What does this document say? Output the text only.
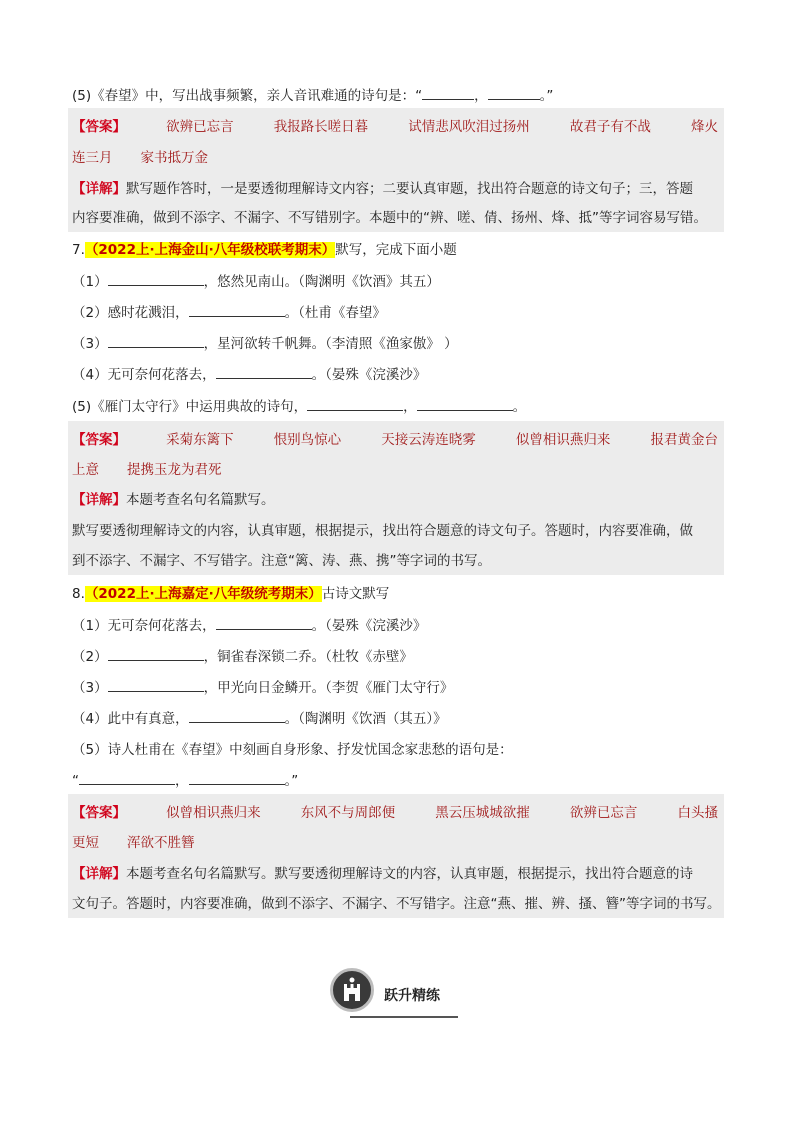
(5)《春望》中，写出战事频繁，亲人音讯难通的诗句是：“	，	。”
【答案】	欲辨已忘言	我报路长嗟日暮	试情悲风吹泪过扬州	故君子有不战	烽火
连三月 家书抵万金
【详解】默写题作答时，一是要透彻理解诗文内容；二要认真审题，找出符合题意的诗文句子；三，答题
内容要准确，做到不添字、不漏字、不写错别字。本题中的“辨、嗟、倩、扬州、烽、抵”等字词容易写错。
7.（2022上·上海金山·八年级校联考期末）默写，完成下面小题
（1）	，悠然见南山。（陶渊明《饮酒》其五）
（2）感时花溅泪，	。（杜甫《春望》
（3）	，星河欲转千帆舞。（李清照《渔家傲》 ）
（4）无可奈何花落去，	。（晏殊《浣溪沙》
(5)《雁门太守行》中运用典故的诗句，	，	。
【答案】	采菊东篱下	恨别鸟惊心	天接云涛连晓雾	似曾相识燕归来	报君黄金台
上意 提携玉龙为君死
【详解】本题考查名句名篇默写。
默写要透彻理解诗文的内容，认真审题，根据提示，找出符合题意的诗文句子。答题时，内容要准确，做
到不添字、不漏字、不写错字。注意“篱、涛、燕、携”等字词的书写。
8.（2022上·上海嘉定·八年级统考期末）古诗文默写
（1）无可奈何花落去，	。（晏殊《浣溪沙》
（2）	，铜雀春深锁二乔。（杜牧《赤壁》
（3）	，甲光向日金鳞开。（李贺《雁门太守行》
（4）此中有真意，	。（陶渊明《饮酒（其五）》
（5）诗人杜甫在《春望》中刻画自身形象、抒发忧国念家悲愁的语句是：
“	，	。”
【答案】	似曾相识燕归来	东风不与周郎便	黑云压城城欲摧	欲辨已忘言	白头搔
更短 浑欲不胜簪
【详解】本题考查名句名篇默写。默写要透彻理解诗文的内容，认真审题，根据提示，找出符合题意的诗
文句子。答题时，内容要准确，做到不添字、不漏字、不写错字。注意“燕、摧、辨、搔、簪”等字词的书写。
跃升精练
